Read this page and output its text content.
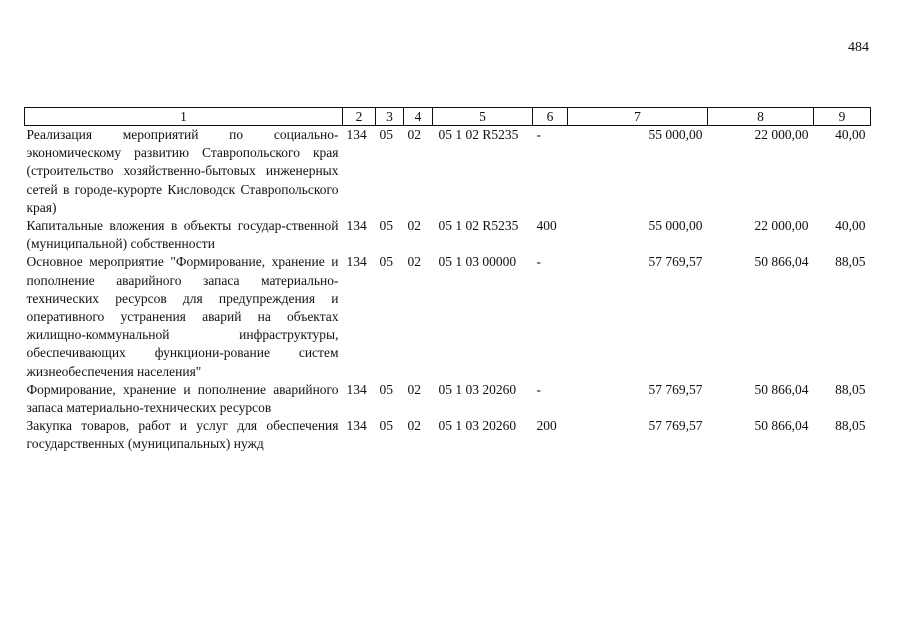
484
1	2	3	4	5	6	7	8	9
Реализация мероприятий по социально-экономическому развитию Ставропольского края (строительство хозяйственно-бытовых инженерных сетей в городе-курорте Кисловодск Ставропольского края)	134	05	02	05 1 02 R5235	-	55 000,00	22 000,00	40,00
Капитальные вложения в объекты государ-ственной (муниципальной) собственности	134	05	02	05 1 02 R5235	400	55 000,00	22 000,00	40,00
Основное мероприятие "Формирование, хранение и пополнение аварийного запаса материально-технических ресурсов для предупреждения и оперативного устранения аварий на объектах жилищно-коммунальной инфраструктуры, обеспечивающих функциони-рование систем жизнеобеспечения населения"	134	05	02	05 1 03 00000	-	57 769,57	50 866,04	88,05
Формирование, хранение и пополнение аварийного запаса материально-технических ресурсов	134	05	02	05 1 03 20260	-	57 769,57	50 866,04	88,05
Закупка товаров, работ и услуг для обеспечения государственных (муниципальных) нужд	134	05	02	05 1 03 20260	200	57 769,57	50 866,04	88,05
